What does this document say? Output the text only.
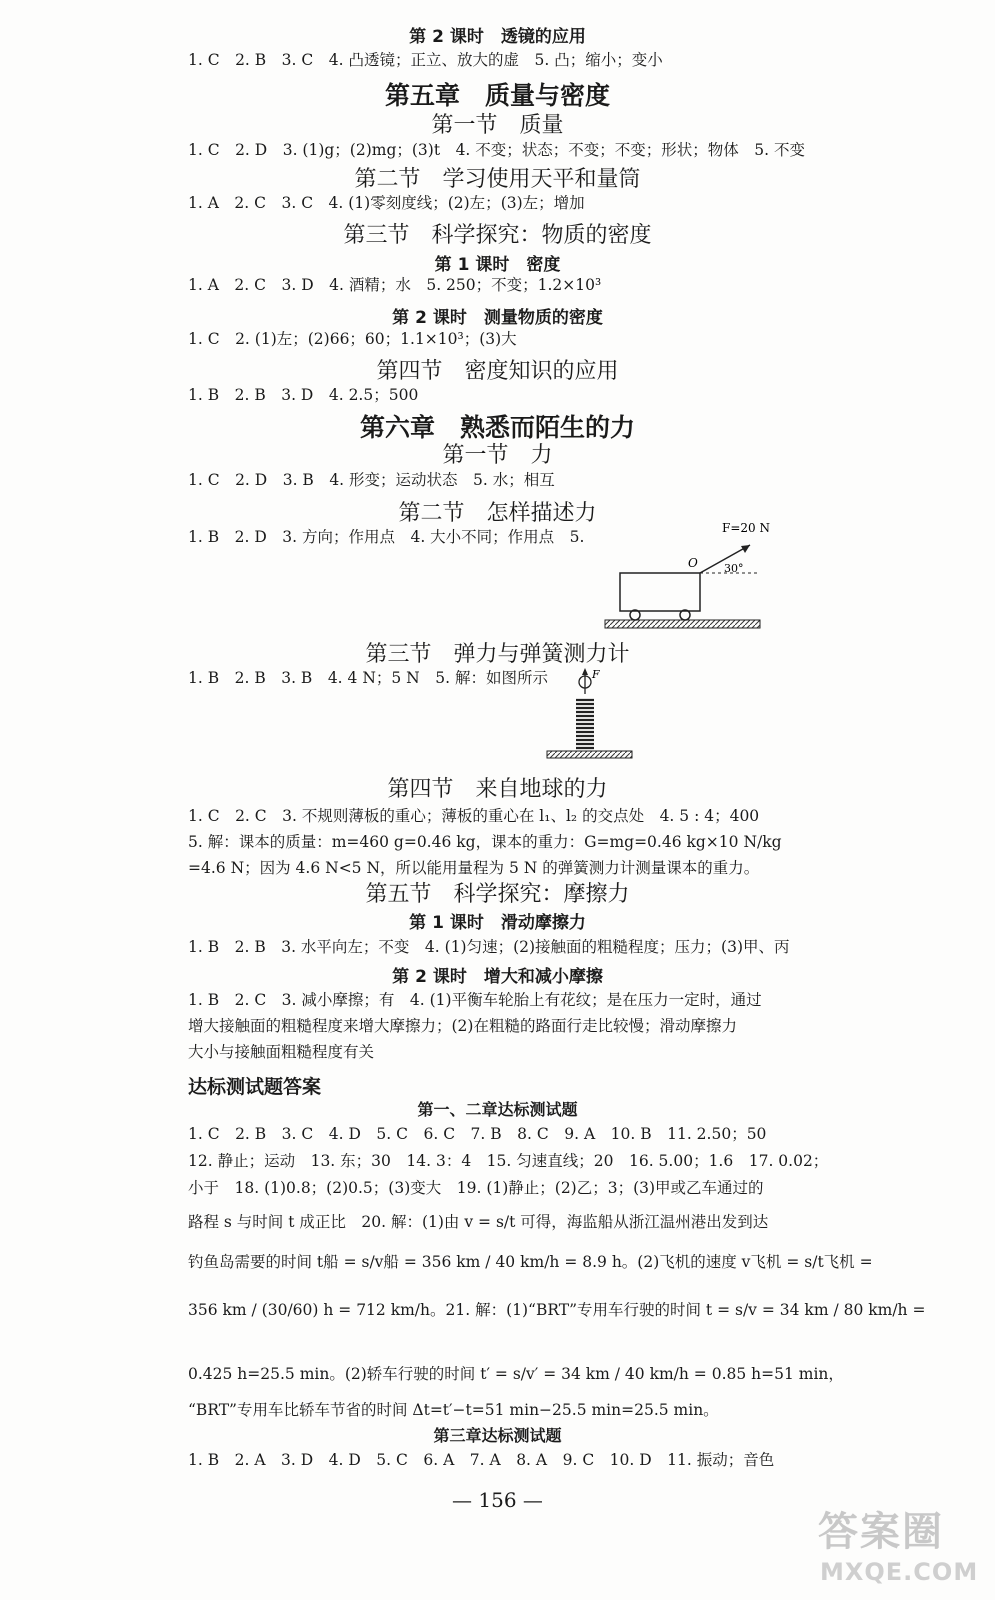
第 2 课时　透镜的应用
1. C　2. B　3. C　4. 凸透镜；正立、放大的虚　5. 凸；缩小；变小
第五章　质量与密度
第一节　质量
1. C　2. D　3. (1)g；(2)mg；(3)t　4. 不变；状态；不变；不变；形状；物体　5. 不变
第二节　学习使用天平和量筒
1. A　2. C　3. C　4. (1)零刻度线；(2)左；(3)左；增加
第三节　科学探究：物质的密度
第 1 课时　密度
1. A　2. C　3. D　4. 酒精；水　5. 250；不变；1.2×10³
第 2 课时　测量物质的密度
1. C　2. (1)左；(2)66；60；1.1×10³；(3)大
第四节　密度知识的应用
1. B　2. B　3. D　4. 2.5；500
第六章　熟悉而陌生的力
第一节　力
1. C　2. D　3. B　4. 形变；运动状态　5. 水；相互
第二节　怎样描述力
1. B　2. D　3. 方向；作用点　4. 大小不同；作用点　5.
第三节　弹力与弹簧测力计
1. B　2. B　3. B　4. 4 N；5 N　5. 解：如图所示
第四节　来自地球的力
O
F=20 N
30°
F
1. C　2. C　3. 不规则薄板的重心；薄板的重心在 l₁、l₂ 的交点处　4. 5 : 4；400
5. 解：课本的质量：m=460 g=0.46 kg，课本的重力：G=mg=0.46 kg×10 N/kg
=4.6 N；因为 4.6 N<5 N，所以能用量程为 5 N 的弹簧测力计测量课本的重力。
第五节　科学探究：摩擦力
第 1 课时　滑动摩擦力
1. B　2. B　3. 水平向左；不变　4. (1)匀速；(2)接触面的粗糙程度；压力；(3)甲、丙
第 2 课时　增大和减小摩擦
1. B　2. C　3. 减小摩擦；有　4. (1)平衡车轮胎上有花纹；是在压力一定时，通过
增大接触面的粗糙程度来增大摩擦力；(2)在粗糙的路面行走比较慢；滑动摩擦力
大小与接触面粗糙程度有关
达标测试题答案
第一、二章达标测试题
1. C　2. B　3. C　4. D　5. C　6. C　7. B　8. C　9. A　10. B　11. 2.50；50
12. 静止；运动　13. 东；30　14. 3：4　15. 匀速直线；20　16. 5.00；1.6　17. 0.02；
小于　18. (1)0.8；(2)0.5；(3)变大　19. (1)静止；(2)乙；3；(3)甲或乙车通过的
路程 s 与时间 t 成正比　20. 解：(1)由 v = s/t 可得，海监船从浙江温州港出发到达
钓鱼岛需要的时间 t船 = s/v船 = 356 km / 40 km/h = 8.9 h。(2)飞机的速度 v飞机 = s/t飞机 =
356 km / (30/60) h = 712 km/h。21. 解：(1)“BRT”专用车行驶的时间 t = s/v = 34 km / 80 km/h =
0.425 h=25.5 min。(2)轿车行驶的时间 t′ = s/v′ = 34 km / 40 km/h = 0.85 h=51 min，
“BRT”专用车比轿车节省的时间 Δt=t′−t=51 min−25.5 min=25.5 min。
第三章达标测试题
1. B　2. A　3. D　4. D　5. C　6. A　7. A　8. A　9. C　10. D　11. 振动；音色
— 156 —
答案圈
MXQE.COM
